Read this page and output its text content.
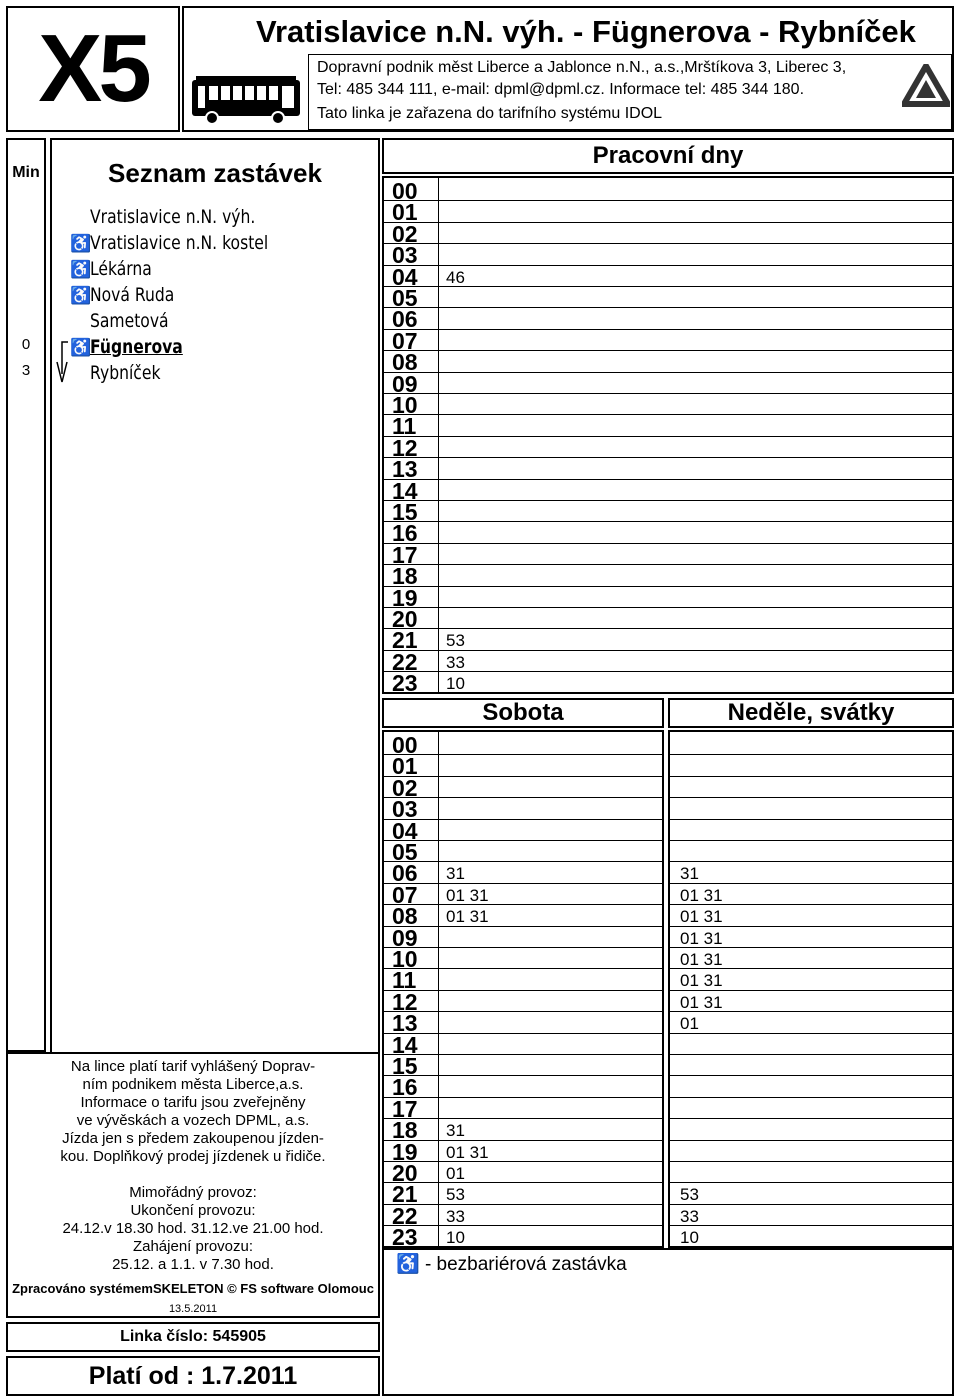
X5	Vratislavice n.N. výh. - Fügnerova - Rybníček
Dopravní podnik měst Liberce a Jablonce n.N., a.s.,Mrštíkova 3, Liberec 3,
Tel: 485 344 111, e-mail: dpml@dpml.cz. Informace tel: 485 344 180.
Tato linka je zařazena do tarifního systému IDOL
Min
0
3
Seznam zastávek
Vratislavice n.N. výh.
♿
Vratislavice n.N. kostel
♿
Lékárna
♿
Nová Ruda
Sametová
♿
Fügnerova
Rybníček
Na lince platí tarif vyhlášený Doprav-
ním podnikem města Liberce,a.s.
Informace o tarifu jsou zveřejněny
ve vývěskách a vozech DPML, a.s.
Jízda jen s předem zakoupenou jízden-
kou. Doplňkový prodej jízdenek u řidiče.
Mimořádný provoz:
Ukončení provozu:
24.12.v 18.30 hod. 31.12.ve 21.00 hod.
Zahájení provozu:
25.12. a 1.1. v 7.30 hod.
Zpracováno systémemSKELETON © FS software Olomouc
13.5.2011
Linka číslo: 545905
Platí od : 1.7.2011
Pracovní dny
00
01
02
03
04 46
05
06
07
08
09
10
11
12
13
14
15
16
17
18
19
20
21 53
22 33
23 10
Sobota
00
01
02
03
04
05
06 31
07 01 31
08 01 31
09
10
11
12
13
14
15
16
17
18 31
19 01 31
20 01
21 53
22 33
23 10
Neděle, svátky
31
01 31
01 31
01 31
01 31
01 31
01 31
01
53
33
10
♿ - bezbariérová zastávka
